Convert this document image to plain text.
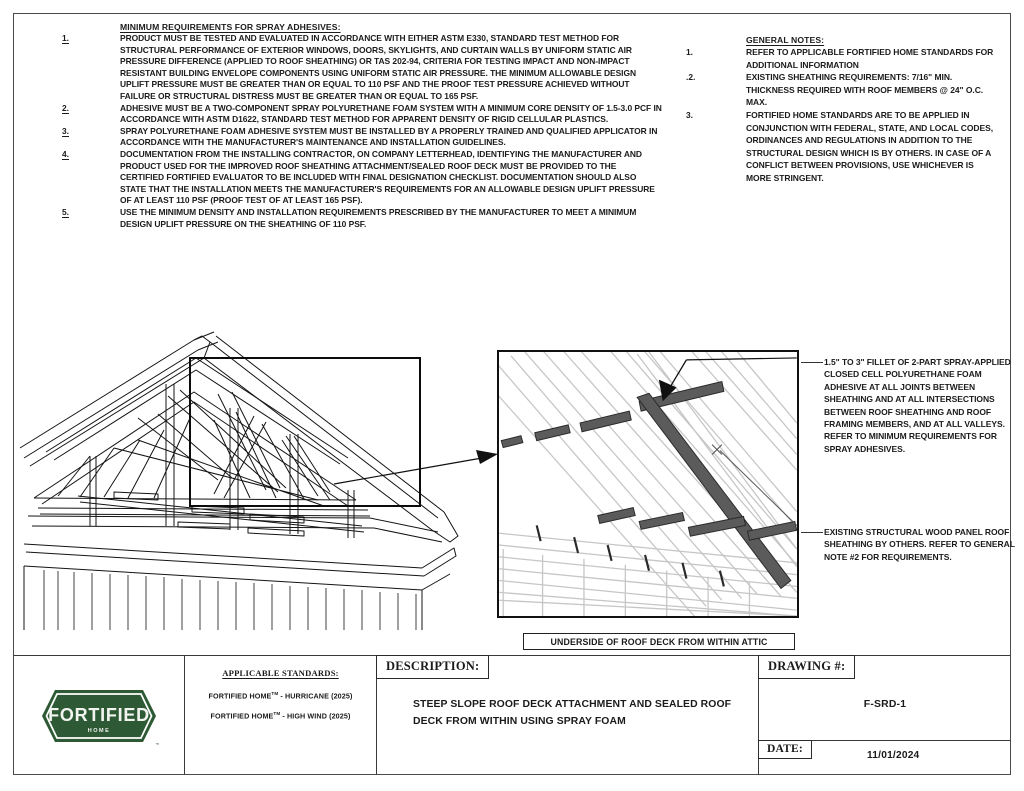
MINIMUM REQUIREMENTS FOR SPRAY ADHESIVES:
1.	PRODUCT MUST BE TESTED AND EVALUATED IN ACCORDANCE WITH EITHER ASTM E330, STANDARD TEST METHOD FOR STRUCTURAL PERFORMANCE OF EXTERIOR WINDOWS, DOORS, SKYLIGHTS, AND CURTAIN WALLS BY UNIFORM STATIC AIR PRESSURE DIFFERENCE (APPLIED TO ROOF SHEATHING) OR TAS 202-94, CRITERIA FOR TESTING IMPACT AND NON-IMPACT RESISTANT BUILDING ENVELOPE COMPONENTS USING UNIFORM STATIC AIR PRESSURE. THE MINIMUM ALLOWABLE DESIGN UPLIFT PRESSURE MUST BE GREATER THAN OR EQUAL TO 110 PSF AND THE PROOF TEST PRESSURE ACHIEVED WITHOUT FAILURE OR STRUCTURAL DISTRESS MUST BE GREATER THAN OR EQUAL TO 165 PSF.
2.	ADHESIVE MUST BE A TWO-COMPONENT SPRAY POLYURETHANE FOAM SYSTEM WITH A MINIMUM CORE DENSITY OF 1.5-3.0 PCF IN ACCORDANCE WITH ASTM D1622, STANDARD TEST METHOD FOR APPARENT DENSITY OF RIGID CELLULAR PLASTICS.
3.	SPRAY POLYURETHANE FOAM ADHESIVE SYSTEM MUST BE INSTALLED BY A PROPERLY TRAINED AND QUALIFIED APPLICATOR IN ACCORDANCE WITH THE MANUFACTURER'S MAINTENANCE AND INSTALLATION GUIDELINES.
4.	DOCUMENTATION FROM THE INSTALLING CONTRACTOR, ON COMPANY LETTERHEAD, IDENTIFYING THE MANUFACTURER AND PRODUCT USED FOR THE IMPROVED ROOF SHEATHING ATTACHMENT/SEALED ROOF DECK MUST BE PROVIDED TO THE CERTIFIED FORTIFIED EVALUATOR TO BE INCLUDED WITH FINAL DESIGNATION CHECKLIST. DOCUMENTATION SHOULD ALSO STATE THAT THE INSTALLATION MEETS THE MANUFACTURER'S REQUIREMENTS FOR AN ALLOWABLE DESIGN UPLIFT PRESSURE OF AT LEAST 110 PSF (PROOF TEST OF AT LEAST 165 PSF).
5.	USE THE MINIMUM DENSITY AND INSTALLATION REQUIREMENTS PRESCRIBED BY THE MANUFACTURER TO MEET A MINIMUM DESIGN UPLIFT PRESSURE ON THE SHEATHING OF 110 PSF.
GENERAL NOTES:
1.	REFER TO APPLICABLE FORTIFIED HOME STANDARDS FOR ADDITIONAL INFORMATION
.2.	EXISTING SHEATHING REQUIREMENTS: 7/16" MIN. THICKNESS REQUIRED WITH ROOF MEMBERS @ 24" O.C. MAX.
3.	FORTIFIED HOME STANDARDS ARE TO BE APPLIED IN CONJUNCTION WITH FEDERAL, STATE, AND LOCAL CODES, ORDINANCES AND REGULATIONS IN ADDITION TO THE STRUCTURAL DESIGN WHICH IS BY OTHERS. IN CASE OF A CONFLICT BETWEEN PROVISIONS, USE WHICHEVER IS MORE STRINGENT.
UNDERSIDE OF ROOF DECK FROM WITHIN ATTIC
1.5" TO 3" FILLET OF 2-PART SPRAY-APPLIED CLOSED CELL POLYURETHANE FOAM ADHESIVE AT ALL JOINTS BETWEEN SHEATHING AND AT ALL INTERSECTIONS BETWEEN ROOF SHEATHING AND ROOF FRAMING MEMBERS, AND AT ALL VALLEYS. REFER TO MINIMUM REQUIREMENTS FOR SPRAY ADHESIVES.
EXISTING STRUCTURAL WOOD PANEL ROOF SHEATHING BY OTHERS. REFER TO GENERAL NOTE #2 FOR REQUIREMENTS.
FORTIFIED
HOME
™
APPLICABLE STANDARDS:
FORTIFIED HOME™ - HURRICANE (2025)
FORTIFIED HOME™ - HIGH WIND (2025)
DESCRIPTION:
STEEP SLOPE ROOF DECK ATTACHMENT AND SEALED ROOF DECK FROM WITHIN USING SPRAY FOAM
DRAWING #:
F-SRD-1
DATE:
11/01/2024
